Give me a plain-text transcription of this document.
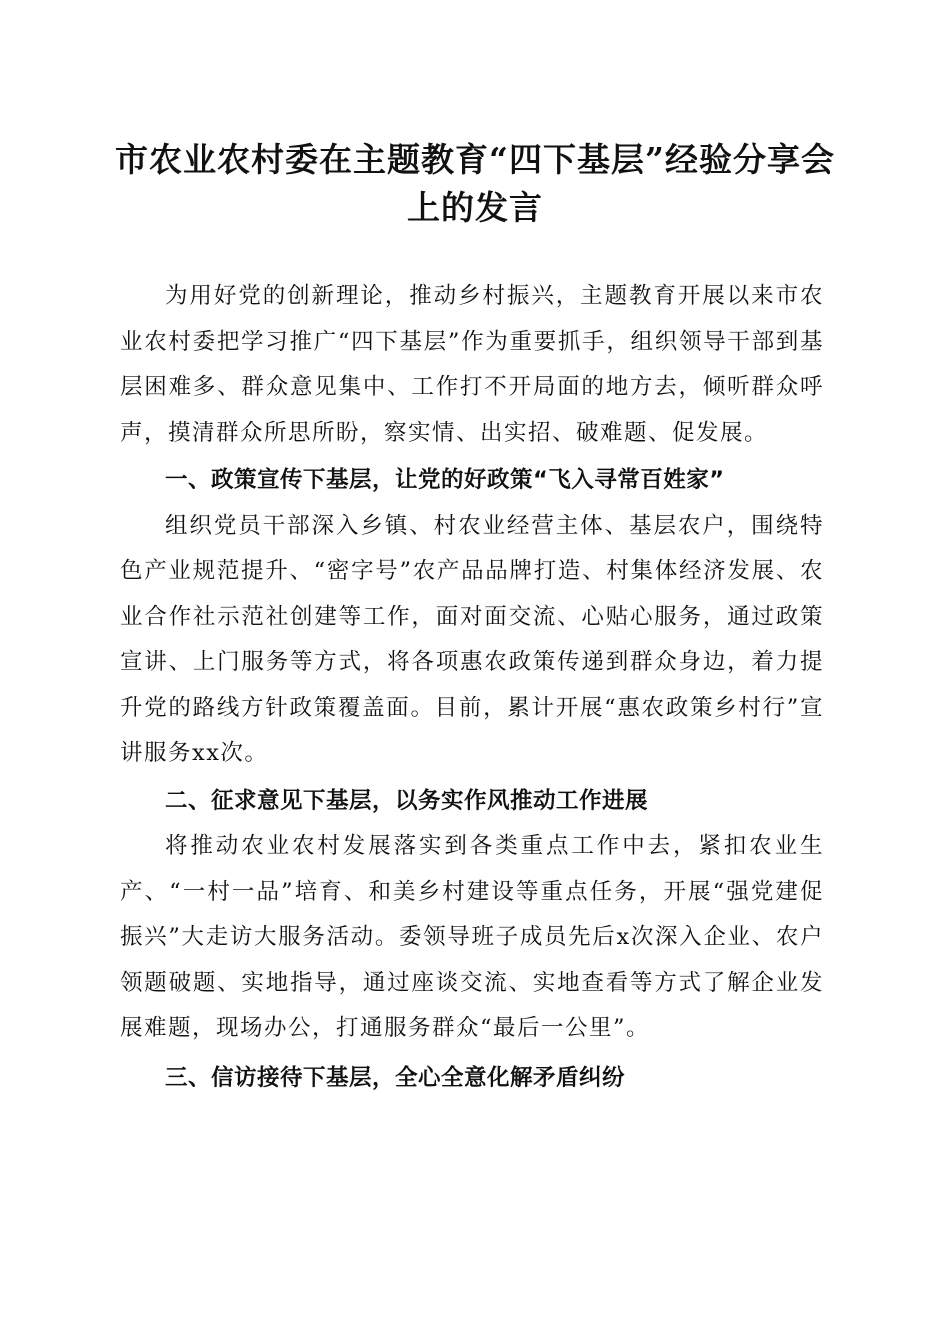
市农业农村委在主题教育“四下基层”经验分享会上的发言

为用好党的创新理论，推动乡村振兴，主题教育开展以来市农业农村委把学习推广“四下基层”作为重要抓手，组织领导干部到基层困难多、群众意见集中、工作打不开局面的地方去，倾听群众呼声，摸清群众所思所盼，察实情、出实招、破难题、促发展。

一、政策宣传下基层，让党的好政策“飞入寻常百姓家”

组织党员干部深入乡镇、村农业经营主体、基层农户，围绕特色产业规范提升、“密字号”农产品品牌打造、村集体经济发展、农业合作社示范社创建等工作，面对面交流、心贴心服务，通过政策宣讲、上门服务等方式，将各项惠农政策传递到群众身边，着力提升党的路线方针政策覆盖面。目前，累计开展“惠农政策乡村行”宣讲服务xx次。

二、征求意见下基层，以务实作风推动工作进展

将推动农业农村发展落实到各类重点工作中去，紧扣农业生产、“一村一品”培育、和美乡村建设等重点任务，开展“强党建促振兴”大走访大服务活动。委领导班子成员先后x次深入企业、农户领题破题、实地指导，通过座谈交流、实地查看等方式了解企业发展难题，现场办公，打通服务群众“最后一公里”。

三、信访接待下基层，全心全意化解矛盾纠纷
